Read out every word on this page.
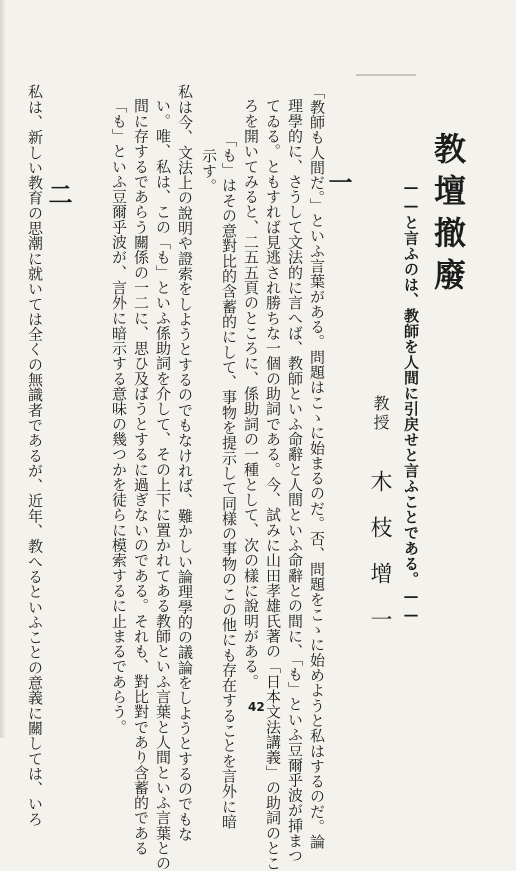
教壇撤廢
——と言ふのは、教師を人間に引戻せと言ふことである。——
教授
木枝增一
一
「教師も人間だ。」といふ言葉がある。問題はこゝに始まるのだ。否、問題をこゝに始めようと私はするのだ。論
理學的に、さうして文法的に言へば、教師といふ命辭と人間といふ命辭との間に、「も」といふ豆爾乎波が挿まつ
てゐる。ともすれば見逃され勝ちな一個の助詞である。今、試みに山田孝雄氏著の「日本文法講義」の助詞のとこ
ろを開いてみると、二五五頁のところに、係助詞の一種として、次の樣に說明がある。
「も」はその意對比的含蓄的にして、事物を提示して同樣の事物のこの他にも存在することを言外に暗
示す。
私は今、文法上の說明や證索をしようとするのでもなければ、難かしい論理學的の議論をしようとするのでもな
い。唯、私は、この「も」といふ係助詞を介して、その上下に置かれてある教師といふ言葉と人間といふ言葉との
間に存するであらう關係の一二に、思ひ及ばうとするに過ぎないのである。それも、對比對であり含蓄的である
「も」といふ豆爾乎波が、言外に暗示する意味の幾つかを徒らに模索するに止まるであらう。
二
私は、新しい教育の思潮に就いては全くの無識者であるが、近年、教へるといふことの意義に關しては、いろ	42
